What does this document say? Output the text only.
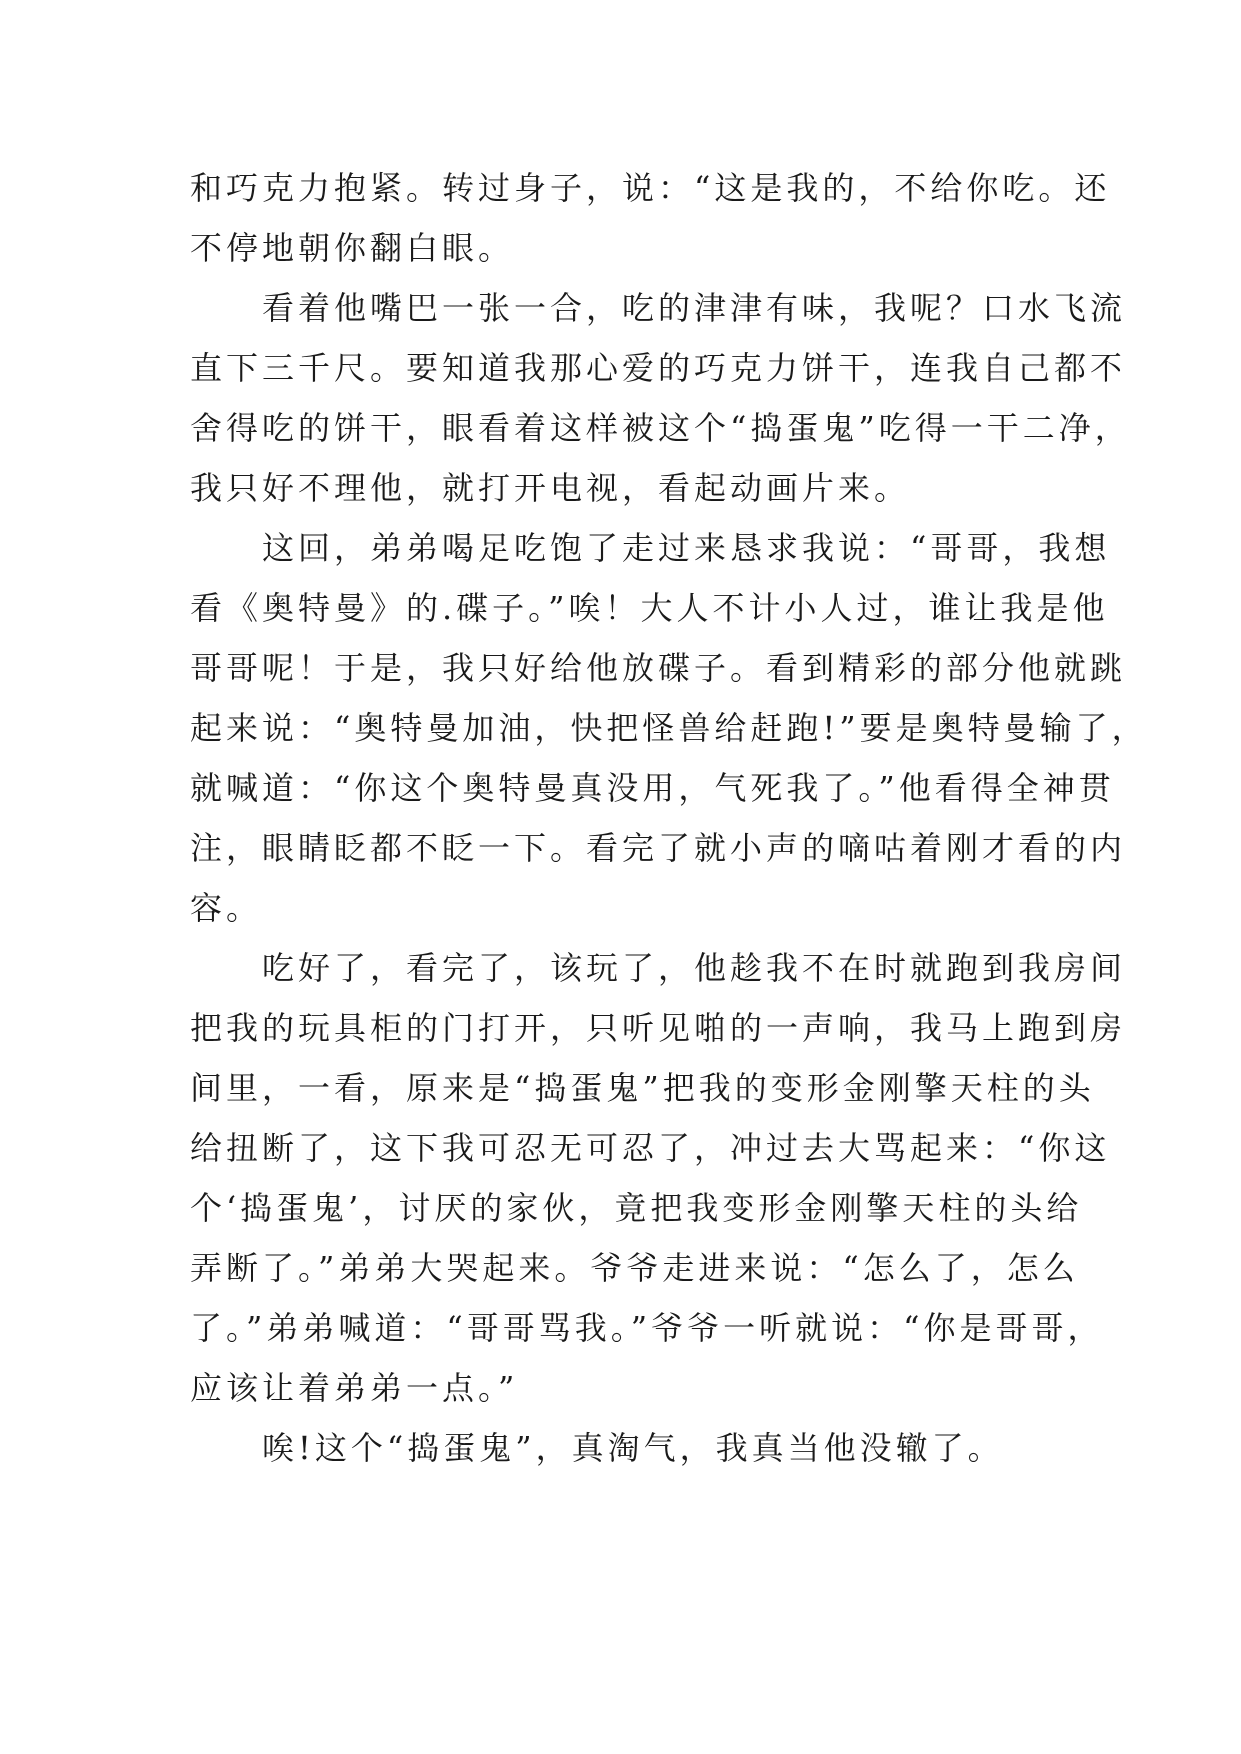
和巧克力抱紧。转过身子，说：“这是我的，不给你吃。还
不停地朝你翻白眼。
　　看着他嘴巴一张一合，吃的津津有味，我呢？口水飞流
直下三千尺。要知道我那心爱的巧克力饼干，连我自己都不
舍得吃的饼干，眼看着这样被这个“捣蛋鬼”吃得一干二净，
我只好不理他，就打开电视，看起动画片来。
　　这回，弟弟喝足吃饱了走过来恳求我说：“哥哥，我想
看《奥特曼》的.碟子。”唉！大人不计小人过，谁让我是他
哥哥呢！于是，我只好给他放碟子。看到精彩的部分他就跳
起来说：“奥特曼加油，快把怪兽给赶跑!”要是奥特曼输了，
就喊道：“你这个奥特曼真没用，气死我了。”他看得全神贯
注，眼睛眨都不眨一下。看完了就小声的嘀咕着刚才看的内
容。
　　吃好了，看完了，该玩了，他趁我不在时就跑到我房间
把我的玩具柜的门打开，只听见啪的一声响，我马上跑到房
间里，一看，原来是“捣蛋鬼”把我的变形金刚擎天柱的头
给扭断了，这下我可忍无可忍了，冲过去大骂起来：“你这
个‘捣蛋鬼’，讨厌的家伙，竟把我变形金刚擎天柱的头给
弄断了。”弟弟大哭起来。爷爷走进来说：“怎么了，怎么
了。”弟弟喊道：“哥哥骂我。”爷爷一听就说：“你是哥哥，
应该让着弟弟一点。”
　　唉!这个“捣蛋鬼”，真淘气，我真当他没辙了。
